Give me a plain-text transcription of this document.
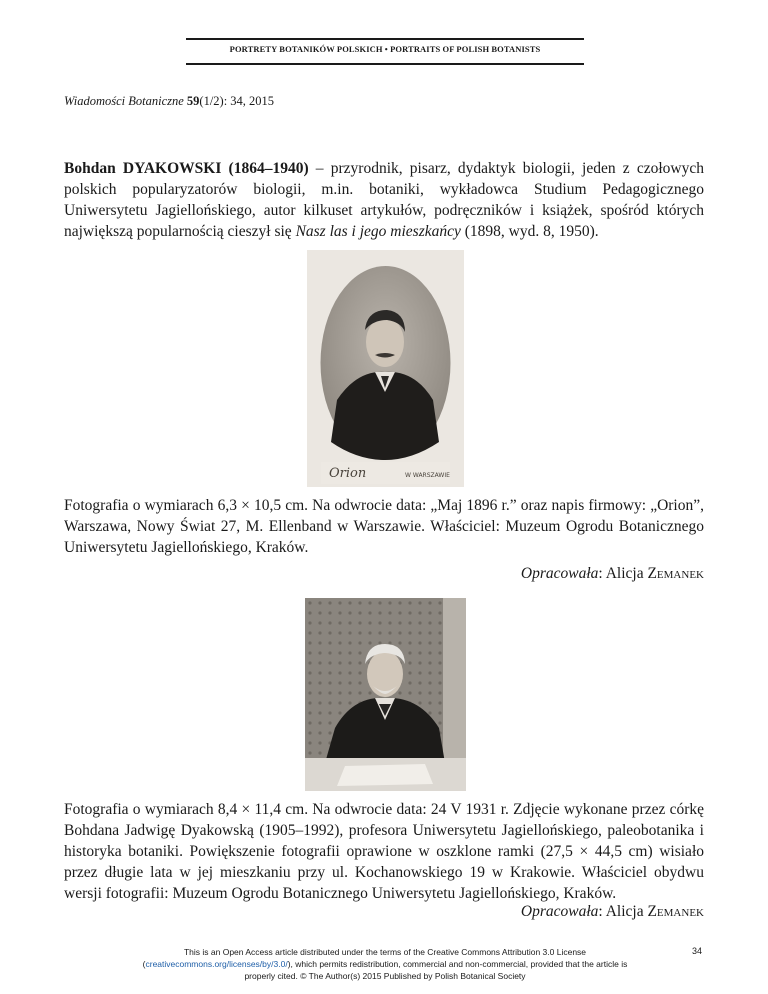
PORTRETY BOTANIKÓW POLSKICH • PORTRAITS OF POLISH BOTANISTS
Wiadomości Botaniczne 59(1/2): 34, 2015
Bohdan DYAKOWSKI (1864–1940) – przyrodnik, pisarz, dydaktyk biologii, jeden z czołowych polskich popularyzatorów biologii, m.in. botaniki, wykładowca Studium Pedagogicznego Uniwersytetu Jagiellońskiego, autor kilkuset artykułów, podręczników i książek, spośród których największą popularnością cieszył się Nasz las i jego mieszkańcy (1898, wyd. 8, 1950).
Orion	W WARSZAWIE
Fotografia o wymiarach 6,3 × 10,5 cm. Na odwrocie data: „Maj 1896 r.” oraz napis firmowy: „Orion”, Warszawa, Nowy Świat 27, M. Ellenband w Warszawie. Właściciel: Muzeum Ogrodu Botanicznego Uniwersytetu Jagiellońskiego, Kraków.
Opracowała: Alicja Zemanek
Fotografia o wymiarach 8,4 × 11,4 cm. Na odwrocie data: 24 V 1931 r. Zdjęcie wykonane przez córkę Bohdana Jadwigę Dyakowską (1905–1992), profesora Uniwersytetu Jagiellońskiego, paleobotanika i historyka botaniki. Powiększenie fotografii oprawione w oszklone ramki (27,5 × 44,5 cm) wisiało przez długie lata w jej mieszkaniu przy ul. Kochanowskiego 19 w Krakowie. Właściciel obydwu wersji fotografii: Muzeum Ogrodu Botanicznego Uniwersytetu Jagiellońskiego, Kraków.
Opracowała: Alicja Zemanek
This is an Open Access article distributed under the terms of the Creative Commons Attribution 3.0 License
(creativecommons.org/licenses/by/3.0/), which permits redistribution, commercial and non-commercial, provided that the article is
properly cited. © The Author(s) 2015 Published by Polish Botanical Society
34
